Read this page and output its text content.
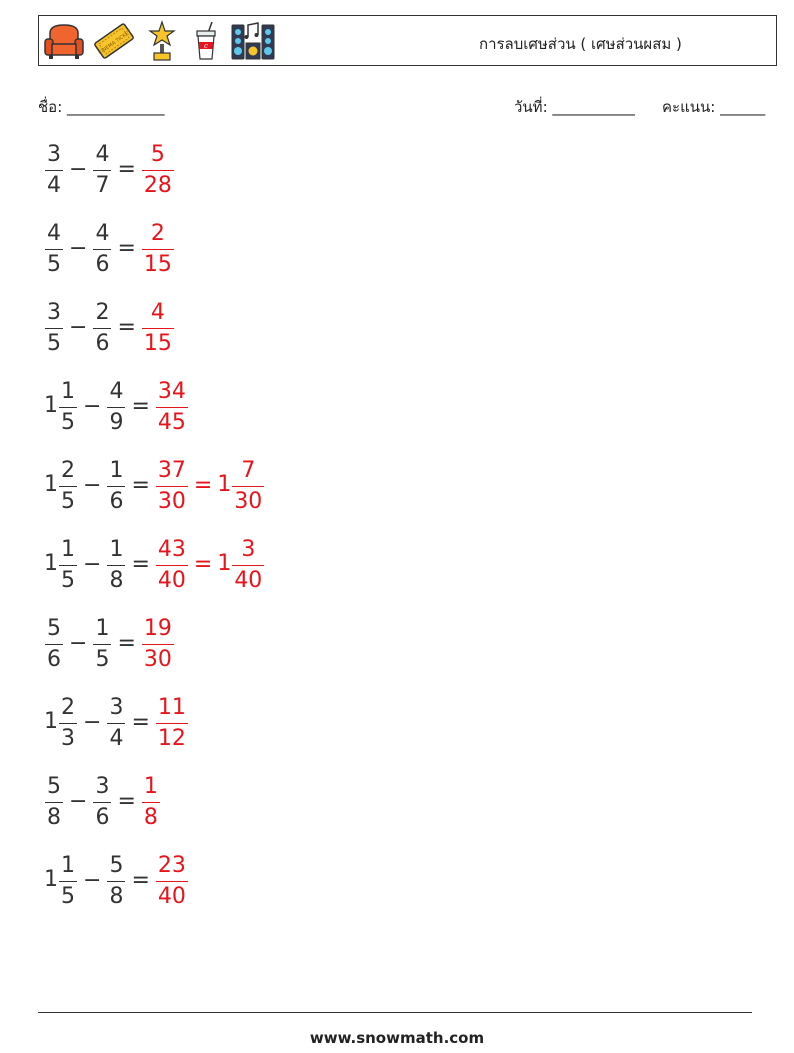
CINEMA TICKET	c	การลบเศษส่วน ( เศษส่วนผสม )
ชื่อ: _____________	วันที่: ___________ คะแนน: ______
$\frac{3}{4} - \frac{4}{7} = \frac{5}{28}$
$\frac{4}{5} - \frac{4}{6} = \frac{2}{15}$
$\frac{3}{5} - \frac{2}{6} = \frac{4}{15}$
$1 \frac{1}{5} - \frac{4}{9} = \frac{34}{45}$
$1 \frac{2}{5} - \frac{1}{6} = \frac{37}{30} = 1 \frac{7}{30}$
$1 \frac{1}{5} - \frac{1}{8} = \frac{43}{40} = 1 \frac{3}{40}$
$\frac{5}{6} - \frac{1}{5} = \frac{19}{30}$
$1 \frac{2}{3} - \frac{3}{4} = \frac{11}{12}$
$\frac{5}{8} - \frac{3}{6} = \frac{1}{8}$
$1 \frac{1}{5} - \frac{5}{8} = \frac{23}{40}$
www.snowmath.com
